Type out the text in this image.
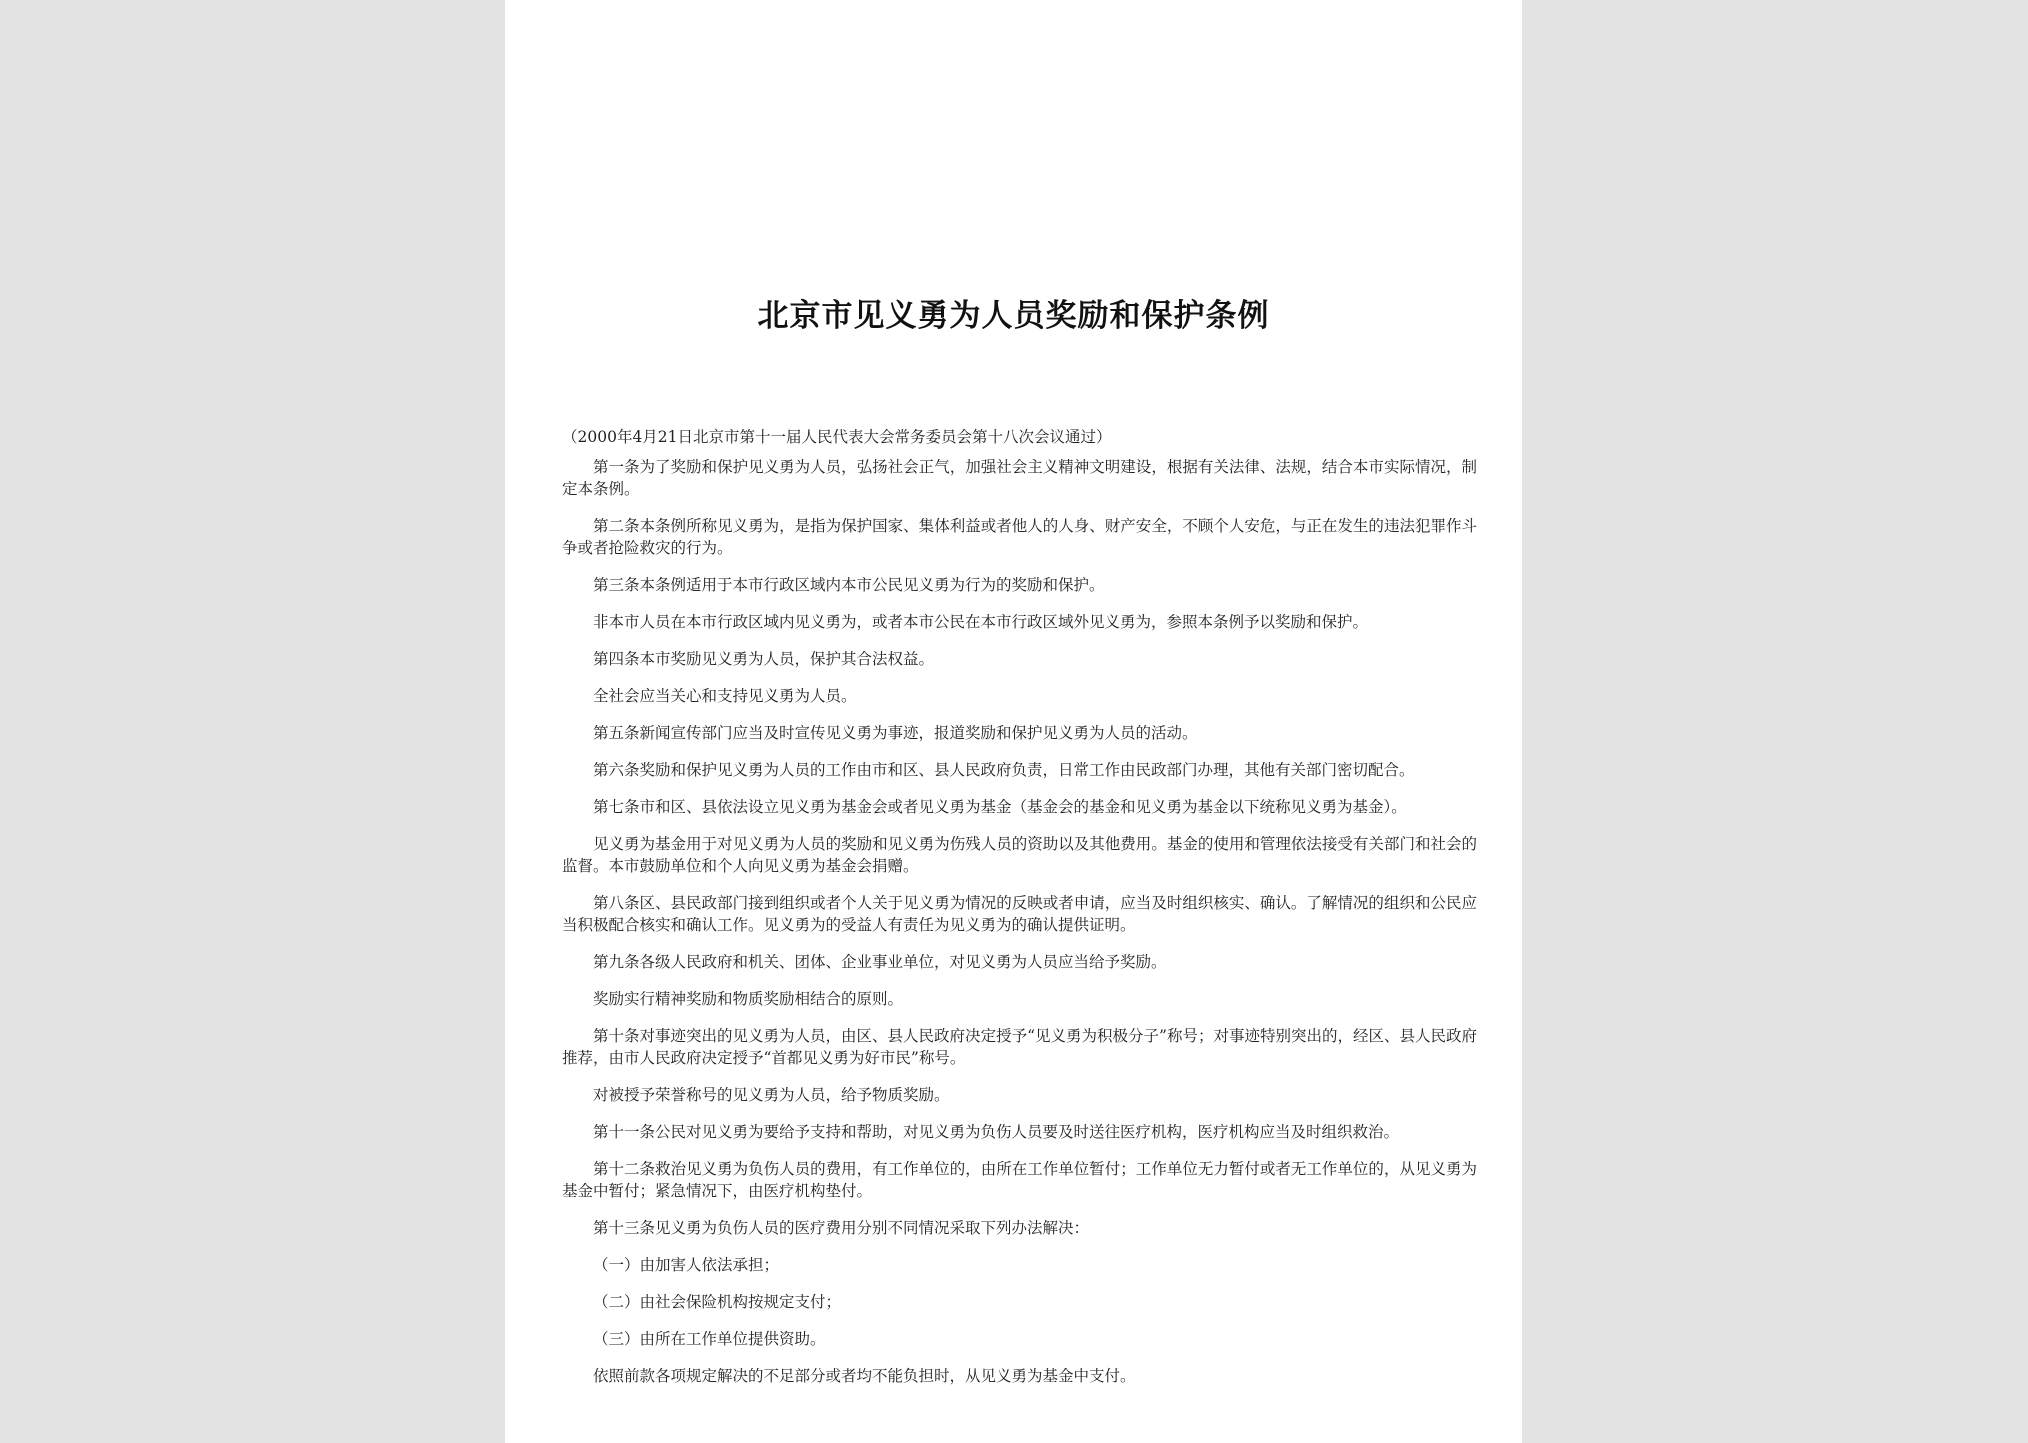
北京市见义勇为人员奖励和保护条例

（2000年4月21日北京市第十一届人民代表大会常务委员会第十八次会议通过）

第一条为了奖励和保护见义勇为人员，弘扬社会正气，加强社会主义精神文明建设，根据有关法律、法规，结合本市实际情况，制定本条例。

第二条本条例所称见义勇为，是指为保护国家、集体利益或者他人的人身、财产安全，不顾个人安危，与正在发生的违法犯罪作斗争或者抢险救灾的行为。

第三条本条例适用于本市行政区域内本市公民见义勇为行为的奖励和保护。

非本市人员在本市行政区域内见义勇为，或者本市公民在本市行政区域外见义勇为，参照本条例予以奖励和保护。

第四条本市奖励见义勇为人员，保护其合法权益。

全社会应当关心和支持见义勇为人员。

第五条新闻宣传部门应当及时宣传见义勇为事迹，报道奖励和保护见义勇为人员的活动。

第六条奖励和保护见义勇为人员的工作由市和区、县人民政府负责，日常工作由民政部门办理，其他有关部门密切配合。

第七条市和区、县依法设立见义勇为基金会或者见义勇为基金（基金会的基金和见义勇为基金以下统称见义勇为基金）。

见义勇为基金用于对见义勇为人员的奖励和见义勇为伤残人员的资助以及其他费用。基金的使用和管理依法接受有关部门和社会的监督。本市鼓励单位和个人向见义勇为基金会捐赠。

第八条区、县民政部门接到组织或者个人关于见义勇为情况的反映或者申请，应当及时组织核实、确认。了解情况的组织和公民应当积极配合核实和确认工作。见义勇为的受益人有责任为见义勇为的确认提供证明。

第九条各级人民政府和机关、团体、企业事业单位，对见义勇为人员应当给予奖励。

奖励实行精神奖励和物质奖励相结合的原则。

第十条对事迹突出的见义勇为人员，由区、县人民政府决定授予“见义勇为积极分子”称号；对事迹特别突出的，经区、县人民政府推荐，由市人民政府决定授予“首都见义勇为好市民”称号。

对被授予荣誉称号的见义勇为人员，给予物质奖励。

第十一条公民对见义勇为要给予支持和帮助，对见义勇为负伤人员要及时送往医疗机构，医疗机构应当及时组织救治。

第十二条救治见义勇为负伤人员的费用，有工作单位的，由所在工作单位暂付；工作单位无力暂付或者无工作单位的，从见义勇为基金中暂付；紧急情况下，由医疗机构垫付。

第十三条见义勇为负伤人员的医疗费用分别不同情况采取下列办法解决：

（一）由加害人依法承担；

（二）由社会保险机构按规定支付；

（三）由所在工作单位提供资助。

依照前款各项规定解决的不足部分或者均不能负担时，从见义勇为基金中支付。
